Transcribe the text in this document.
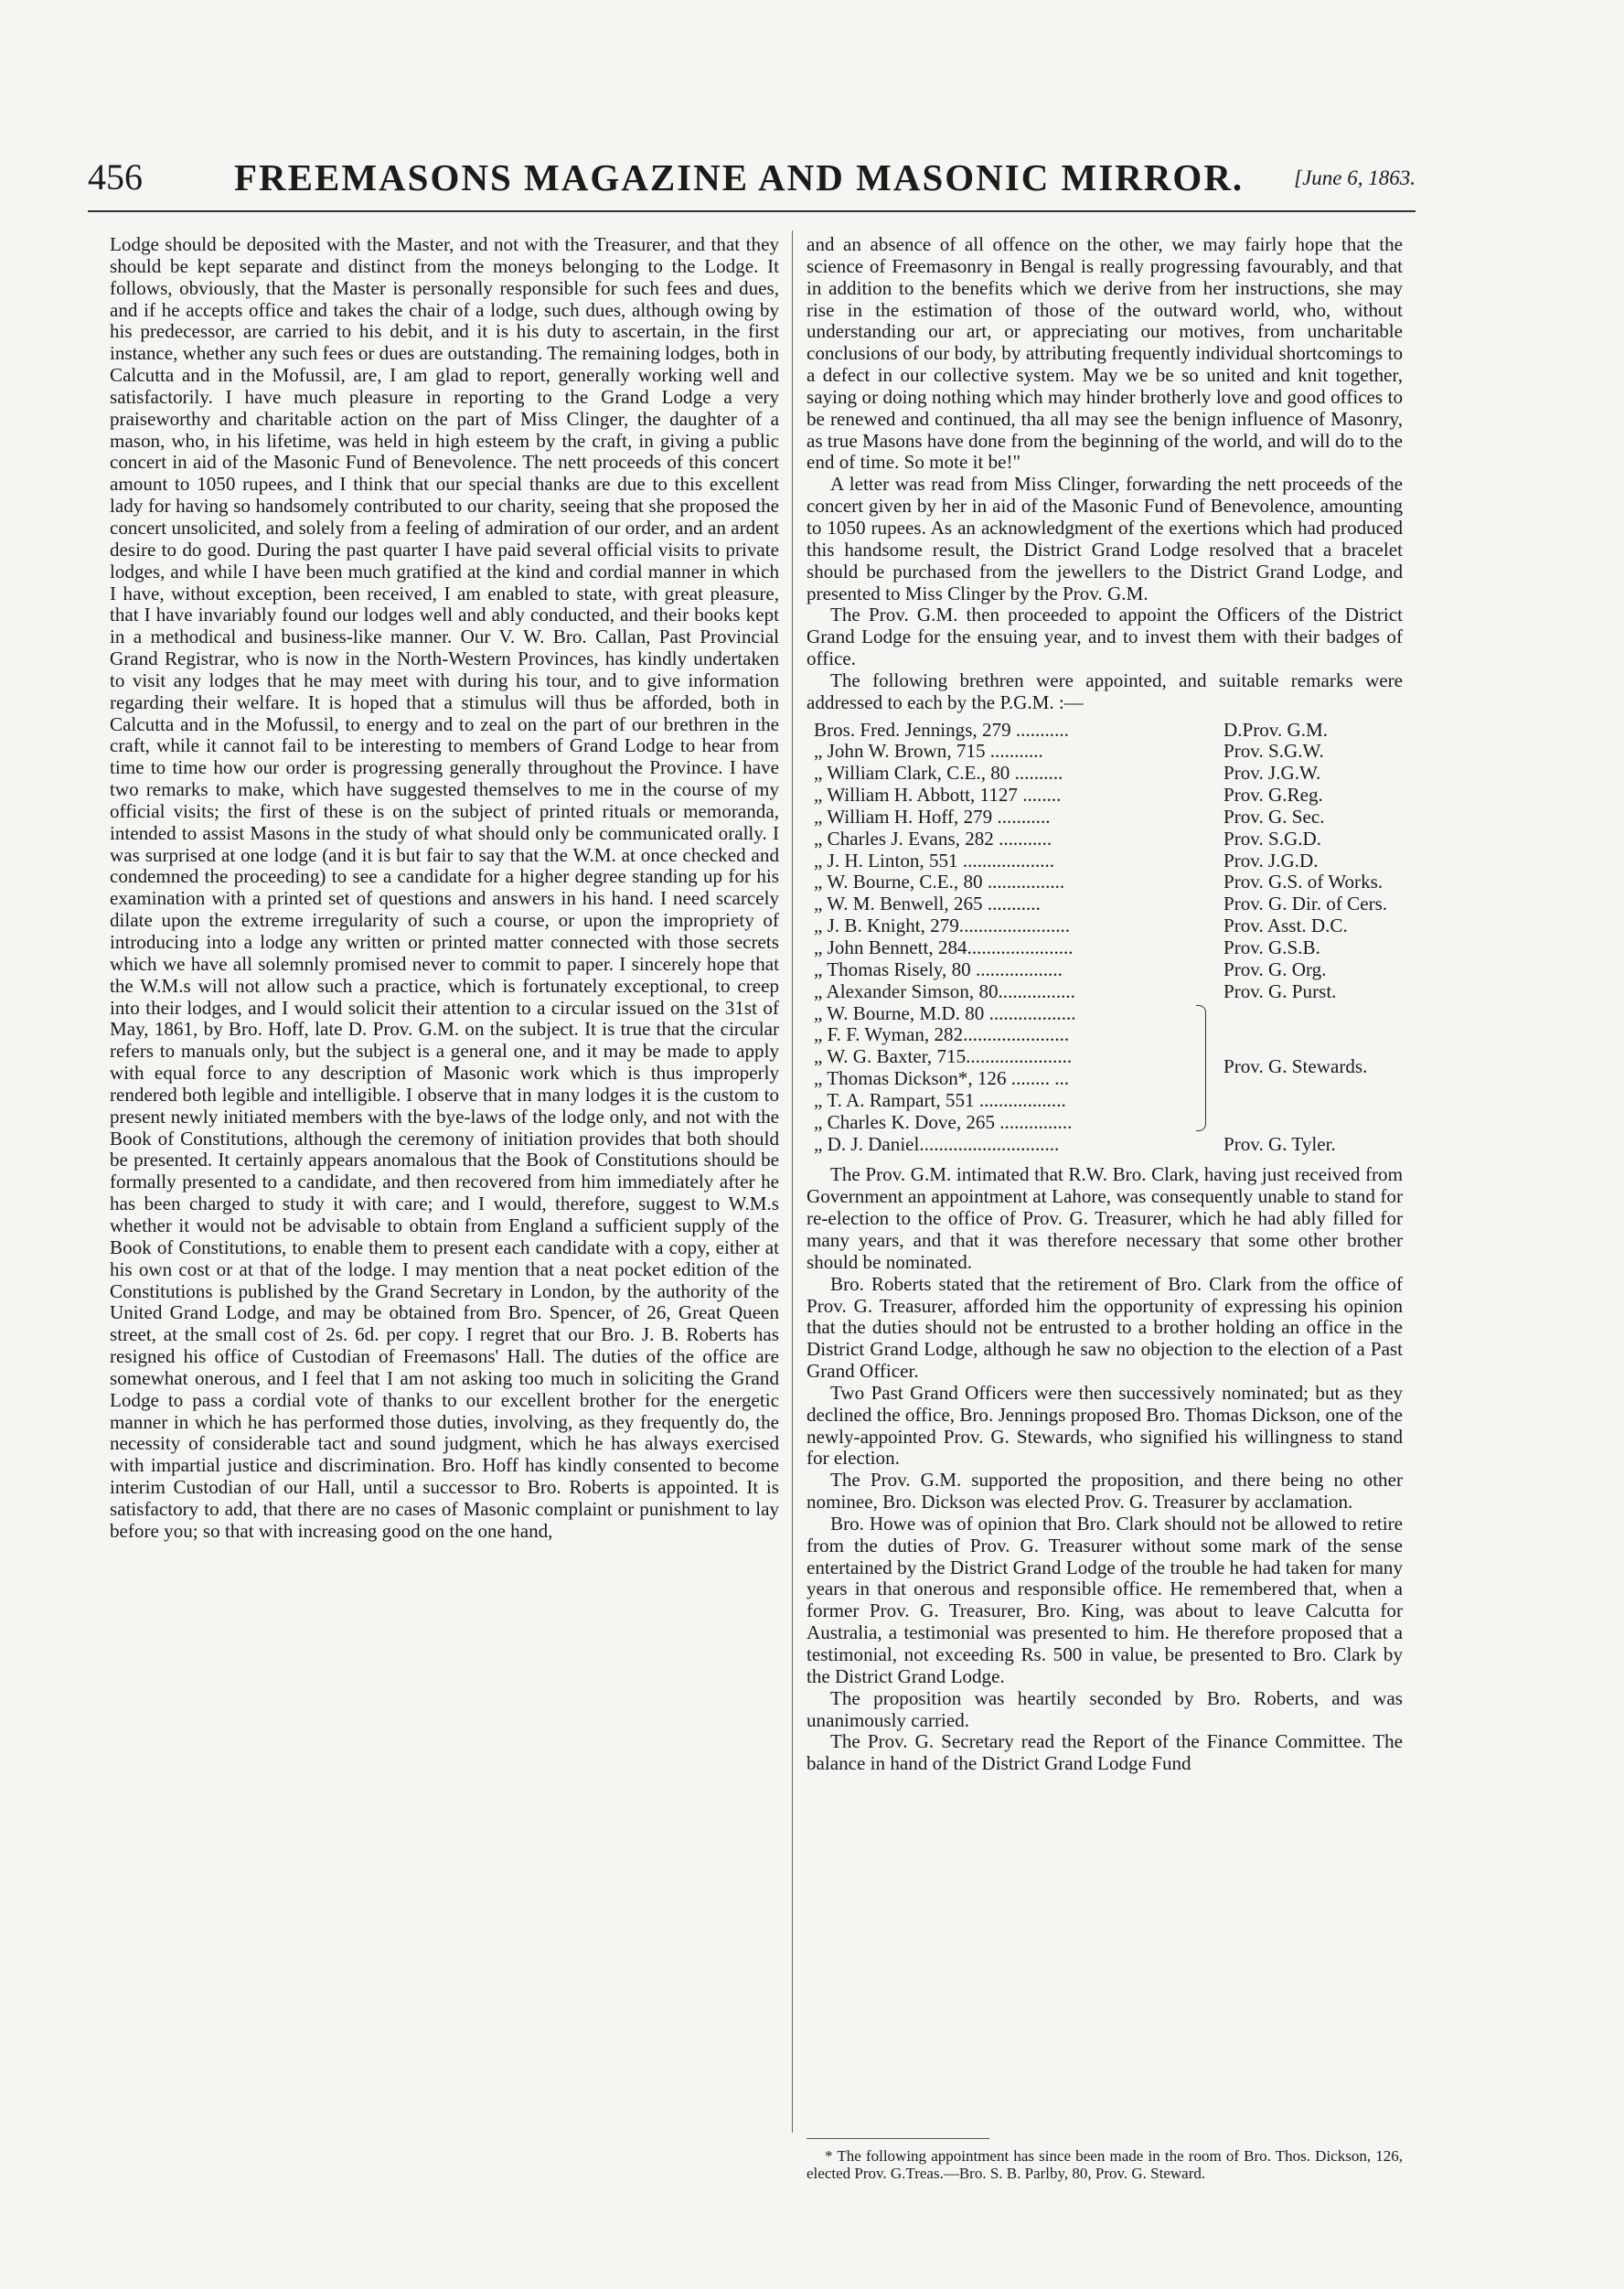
456 FREEMASONS MAGAZINE AND MASONIC MIRROR. [June 6, 1863.

Lodge should be deposited with the Master, and not with the Treasurer, and that they should be kept separate and distinct from the moneys belonging to the Lodge. It follows, obviously, that the Master is personally responsible for such fees and dues, and if he accepts office and takes the chair of a lodge, such dues, although owing by his predecessor, are carried to his debit, and it is his duty to ascertain, in the first instance, whether any such fees or dues are outstanding. The remaining lodges, both in Calcutta and in the Mofussil, are, I am glad to report, generally working well and satisfactorily. I have much pleasure in reporting to the Grand Lodge a very praiseworthy and charitable action on the part of Miss Clinger, the daughter of a mason, who, in his lifetime, was held in high esteem by the craft, in giving a public concert in aid of the Masonic Fund of Benevolence. The nett proceeds of this concert amount to 1050 rupees, and I think that our special thanks are due to this excellent lady for having so handsomely contributed to our charity, seeing that she proposed the concert unsolicited, and solely from a feeling of admiration of our order, and an ardent desire to do good. During the past quarter I have paid several official visits to private lodges, and while I have been much gratified at the kind and cordial manner in which I have, without exception, been received, I am enabled to state, with great pleasure, that I have invariably found our lodges well and ably conducted, and their books kept in a methodical and business-like manner. Our V. W. Bro. Callan, Past Provincial Grand Registrar, who is now in the North-Western Provinces, has kindly undertaken to visit any lodges that he may meet with during his tour, and to give information regarding their welfare. It is hoped that a stimulus will thus be afforded, both in Calcutta and in the Mofussil, to energy and to zeal on the part of our brethren in the craft, while it cannot fail to be interesting to members of Grand Lodge to hear from time to time how our order is progressing generally throughout the Province. I have two remarks to make, which have suggested themselves to me in the course of my official visits; the first of these is on the subject of printed rituals or memoranda, intended to assist Masons in the study of what should only be communicated orally. I was surprised at one lodge (and it is but fair to say that the W.M. at once checked and condemned the proceeding) to see a candidate for a higher degree standing up for his examination with a printed set of questions and answers in his hand. I need scarcely dilate upon the extreme irregularity of such a course, or upon the impropriety of introducing into a lodge any written or printed matter connected with those secrets which we have all solemnly promised never to commit to paper. I sincerely hope that the W.M.s will not allow such a practice, which is fortunately exceptional, to creep into their lodges, and I would solicit their attention to a circular issued on the 31st of May, 1861, by Bro. Hoff, late D. Prov. G.M. on the subject. It is true that the circular refers to manuals only, but the subject is a general one, and it may be made to apply with equal force to any description of Masonic work which is thus improperly rendered both legible and intelligible. I observe that in many lodges it is the custom to present newly initiated members with the bye-laws of the lodge only, and not with the Book of Constitutions, although the ceremony of initiation provides that both should be presented. It certainly appears anomalous that the Book of Constitutions should be formally presented to a candidate, and then recovered from him immediately after he has been charged to study it with care; and I would, therefore, suggest to W.M.s whether it would not be advisable to obtain from England a sufficient supply of the Book of Constitutions, to enable them to present each candidate with a copy, either at his own cost or at that of the lodge. I may mention that a neat pocket edition of the Constitutions is published by the Grand Secretary in London, by the authority of the United Grand Lodge, and may be obtained from Bro. Spencer, of 26, Great Queen street, at the small cost of 2s. 6d. per copy. I regret that our Bro. J. B. Roberts has resigned his office of Custodian of Freemasons' Hall. The duties of the office are somewhat onerous, and I feel that I am not asking too much in soliciting the Grand Lodge to pass a cordial vote of thanks to our excellent brother for the energetic manner in which he has performed those duties, involving, as they frequently do, the necessity of considerable tact and sound judgment, which he has always exercised with impartial justice and discrimination. Bro. Hoff has kindly consented to become interim Custodian of our Hall, until a successor to Bro. Roberts is appointed. It is satisfactory to add, that there are no cases of Masonic complaint or punishment to lay before you; so that with increasing good on the one hand,

and an absence of all offence on the other, we may fairly hope that the science of Freemasonry in Bengal is really progressing favourably, and that in addition to the benefits which we derive from her instructions, she may rise in the estimation of those of the outward world, who, without understanding our art, or appreciating our motives, from uncharitable conclusions of our body, by attributing frequently individual shortcomings to a defect in our collective system. May we be so united and knit together, saying or doing nothing which may hinder brotherly love and good offices to be renewed and continued, tha all may see the benign influence of Masonry, as true Masons have done from the beginning of the world, and will do to the end of time. So mote it be!"

A letter was read from Miss Clinger, forwarding the nett proceeds of the concert given by her in aid of the Masonic Fund of Benevolence, amounting to 1050 rupees. As an acknowledgment of the exertions which had produced this handsome result, the District Grand Lodge resolved that a bracelet should be purchased from the jewellers to the District Grand Lodge, and presented to Miss Clinger by the Prov. G.M.

The Prov. G.M. then proceeded to appoint the Officers of the District Grand Lodge for the ensuing year, and to invest them with their badges of office.

The following brethren were appointed, and suitable remarks were addressed to each by the P.G.M. :—

Bros. Fred. Jennings, 279 ...........	D.Prov. G.M.
„ John W. Brown, 715 ...........	Prov. S.G.W.
„ William Clark, C.E., 80 ..........	Prov. J.G.W.
„ William H. Abbott, 1127 ........	Prov. G.Reg.
„ William H. Hoff, 279 ...........	Prov. G. Sec.
„ Charles J. Evans, 282 ...........	Prov. S.G.D.
„ J. H. Linton, 551 ...................	Prov. J.G.D.
„ W. Bourne, C.E., 80 ................	Prov. G.S. of Works.
„ W. M. Benwell, 265 ...........	Prov. G. Dir. of Cers.
„ J. B. Knight, 279.......................	Prov. Asst. D.C.
„ John Bennett, 284......................	Prov. G.S.B.
„ Thomas Risely, 80 ..................	Prov. G. Org.
„ Alexander Simson, 80................	Prov. G. Purst.
„ W. Bourne, M.D. 80 ..................
„ F. F. Wyman, 282......................
„ W. G. Baxter, 715......................
„ Thomas Dickson*, 126 ........ ...
„ T. A. Rampart, 551 ..................
„ Charles K. Dove, 265 ...............
Prov. G. Stewards.
„ D. J. Daniel.............................	Prov. G. Tyler.

The Prov. G.M. intimated that R.W. Bro. Clark, having just received from Government an appointment at Lahore, was consequently unable to stand for re-election to the office of Prov. G. Treasurer, which he had ably filled for many years, and that it was therefore necessary that some other brother should be nominated.

Bro. Roberts stated that the retirement of Bro. Clark from the office of Prov. G. Treasurer, afforded him the opportunity of expressing his opinion that the duties should not be entrusted to a brother holding an office in the District Grand Lodge, although he saw no objection to the election of a Past Grand Officer.

Two Past Grand Officers were then successively nominated; but as they declined the office, Bro. Jennings proposed Bro. Thomas Dickson, one of the newly-appointed Prov. G. Stewards, who signified his willingness to stand for election.

The Prov. G.M. supported the proposition, and there being no other nominee, Bro. Dickson was elected Prov. G. Treasurer by acclamation.

Bro. Howe was of opinion that Bro. Clark should not be allowed to retire from the duties of Prov. G. Treasurer without some mark of the sense entertained by the District Grand Lodge of the trouble he had taken for many years in that onerous and responsible office. He remembered that, when a former Prov. G. Treasurer, Bro. King, was about to leave Calcutta for Australia, a testimonial was presented to him. He therefore proposed that a testimonial, not exceeding Rs. 500 in value, be presented to Bro. Clark by the District Grand Lodge.

The proposition was heartily seconded by Bro. Roberts, and was unanimously carried.

The Prov. G. Secretary read the Report of the Finance Committee. The balance in hand of the District Grand Lodge Fund

* The following appointment has since been made in the room of Bro. Thos. Dickson, 126, elected Prov. G.Treas.—Bro. S. B. Parlby, 80, Prov. G. Steward.
